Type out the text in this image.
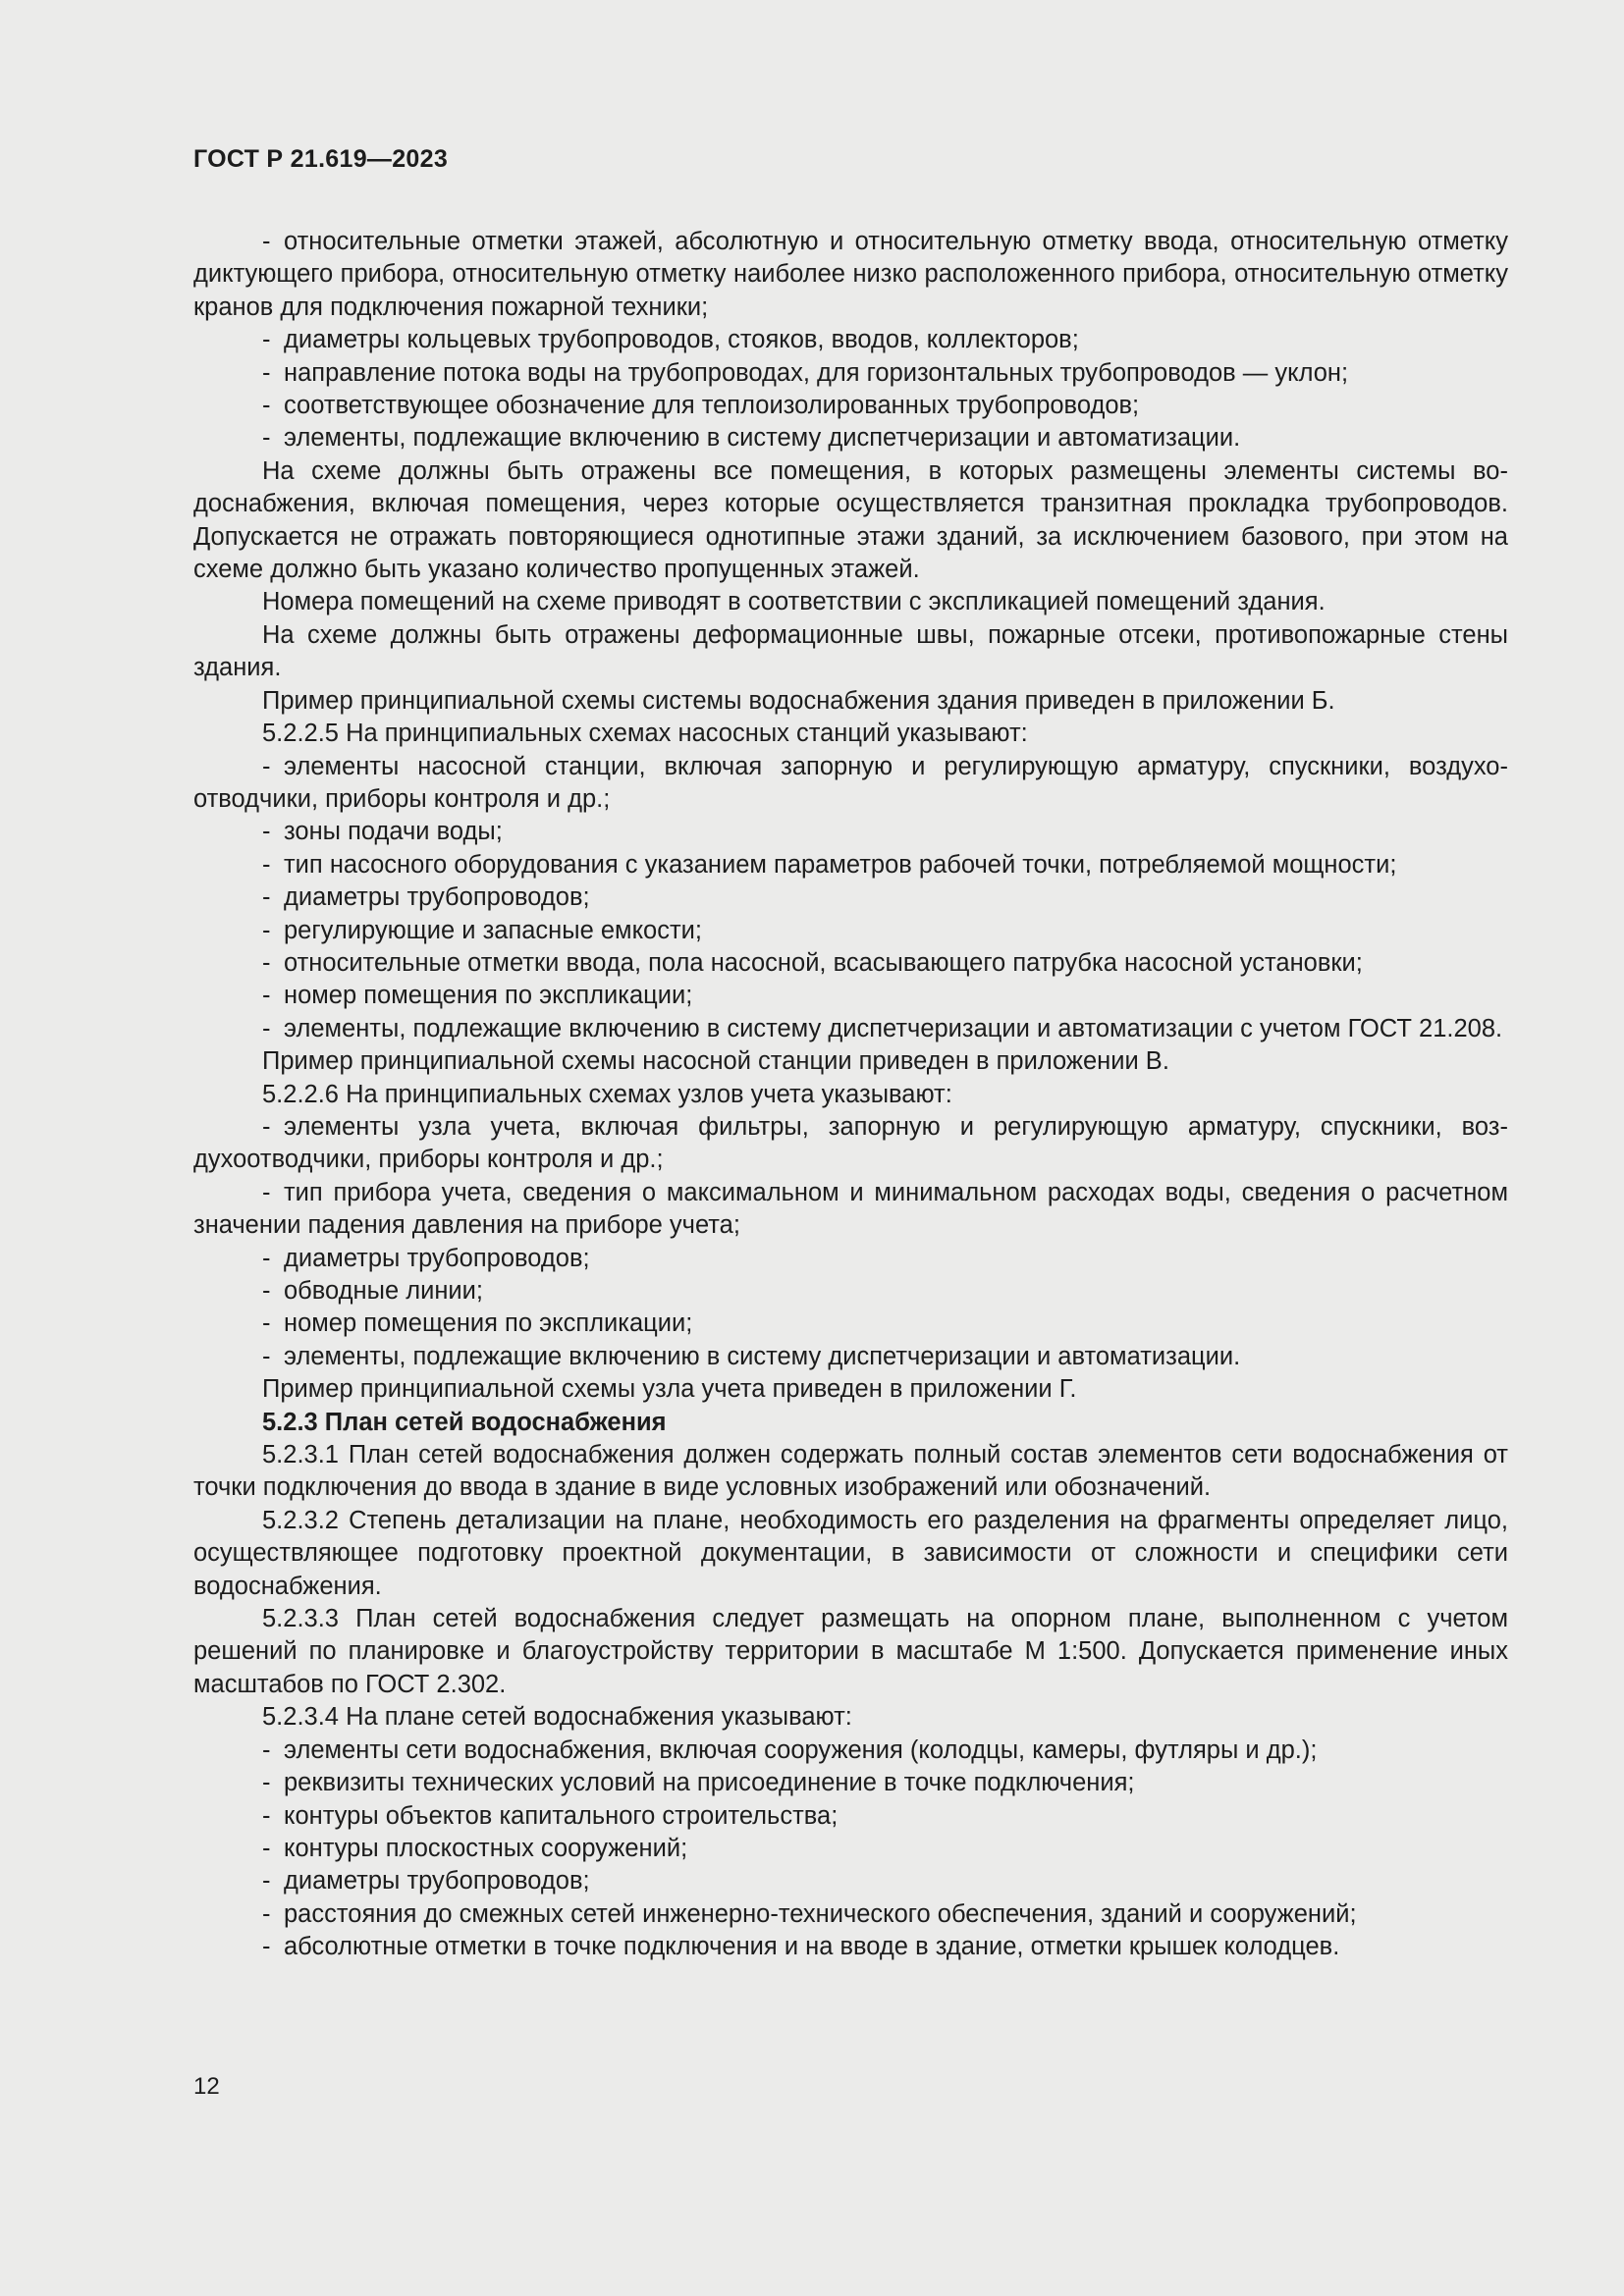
ГОСТ Р 21.619—2023

- относительные отметки этажей, абсолютную и относительную отметку ввода, относительную отметку диктующего прибора, относительную отметку наиболее низко расположенного прибора, относительную отметку кранов для подключения пожарной техники;

- диаметры кольцевых трубопроводов, стояков, вводов, коллекторов;

- направление потока воды на трубопроводах, для горизонтальных трубопроводов — уклон;

- соответствующее обозначение для теплоизолированных трубопроводов;

- элементы, подлежащие включению в систему диспетчеризации и автоматизации.

На схеме должны быть отражены все помещения, в которых размещены элементы системы водоснабжения, включая помещения, через которые осуществляется транзитная прокладка трубопроводов. Допускается не отражать повторяющиеся однотипные этажи зданий, за исключением базового, при этом на схеме должно быть указано количество пропущенных этажей.

Номера помещений на схеме приводят в соответствии с экспликацией помещений здания.

На схеме должны быть отражены деформационные швы, пожарные отсеки, противопожарные стены здания.

Пример принципиальной схемы системы водоснабжения здания приведен в приложении Б.

5.2.2.5 На принципиальных схемах насосных станций указывают:

- элементы насосной станции, включая запорную и регулирующую арматуру, спускники, воздухоотводчики, приборы контроля и др.;

- зоны подачи воды;

- тип насосного оборудования с указанием параметров рабочей точки, потребляемой мощности;

- диаметры трубопроводов;

- регулирующие и запасные емкости;

- относительные отметки ввода, пола насосной, всасывающего патрубка насосной установки;

- номер помещения по экспликации;

- элементы, подлежащие включению в систему диспетчеризации и автоматизации с учетом ГОСТ 21.208.

Пример принципиальной схемы насосной станции приведен в приложении В.

5.2.2.6 На принципиальных схемах узлов учета указывают:

- элементы узла учета, включая фильтры, запорную и регулирующую арматуру, спускники, воздухоотводчики, приборы контроля и др.;

- тип прибора учета, сведения о максимальном и минимальном расходах воды, сведения о расчетном значении падения давления на приборе учета;

- диаметры трубопроводов;

- обводные линии;

- номер помещения по экспликации;

- элементы, подлежащие включению в систему диспетчеризации и автоматизации.

Пример принципиальной схемы узла учета приведен в приложении Г.

5.2.3 План сетей водоснабжения

5.2.3.1 План сетей водоснабжения должен содержать полный состав элементов сети водоснабжения от точки подключения до ввода в здание в виде условных изображений или обозначений.

5.2.3.2 Степень детализации на плане, необходимость его разделения на фрагменты определяет лицо, осуществляющее подготовку проектной документации, в зависимости от сложности и специфики сети водоснабжения.

5.2.3.3 План сетей водоснабжения следует размещать на опорном плане, выполненном с учетом решений по планировке и благоустройству территории в масштабе М 1:500. Допускается применение иных масштабов по ГОСТ 2.302.

5.2.3.4 На плане сетей водоснабжения указывают:

- элементы сети водоснабжения, включая сооружения (колодцы, камеры, футляры и др.);

- реквизиты технических условий на присоединение в точке подключения;

- контуры объектов капитального строительства;

- контуры плоскостных сооружений;

- диаметры трубопроводов;

- расстояния до смежных сетей инженерно-технического обеспечения, зданий и сооружений;

- абсолютные отметки в точке подключения и на вводе в здание, отметки крышек колодцев.

12
